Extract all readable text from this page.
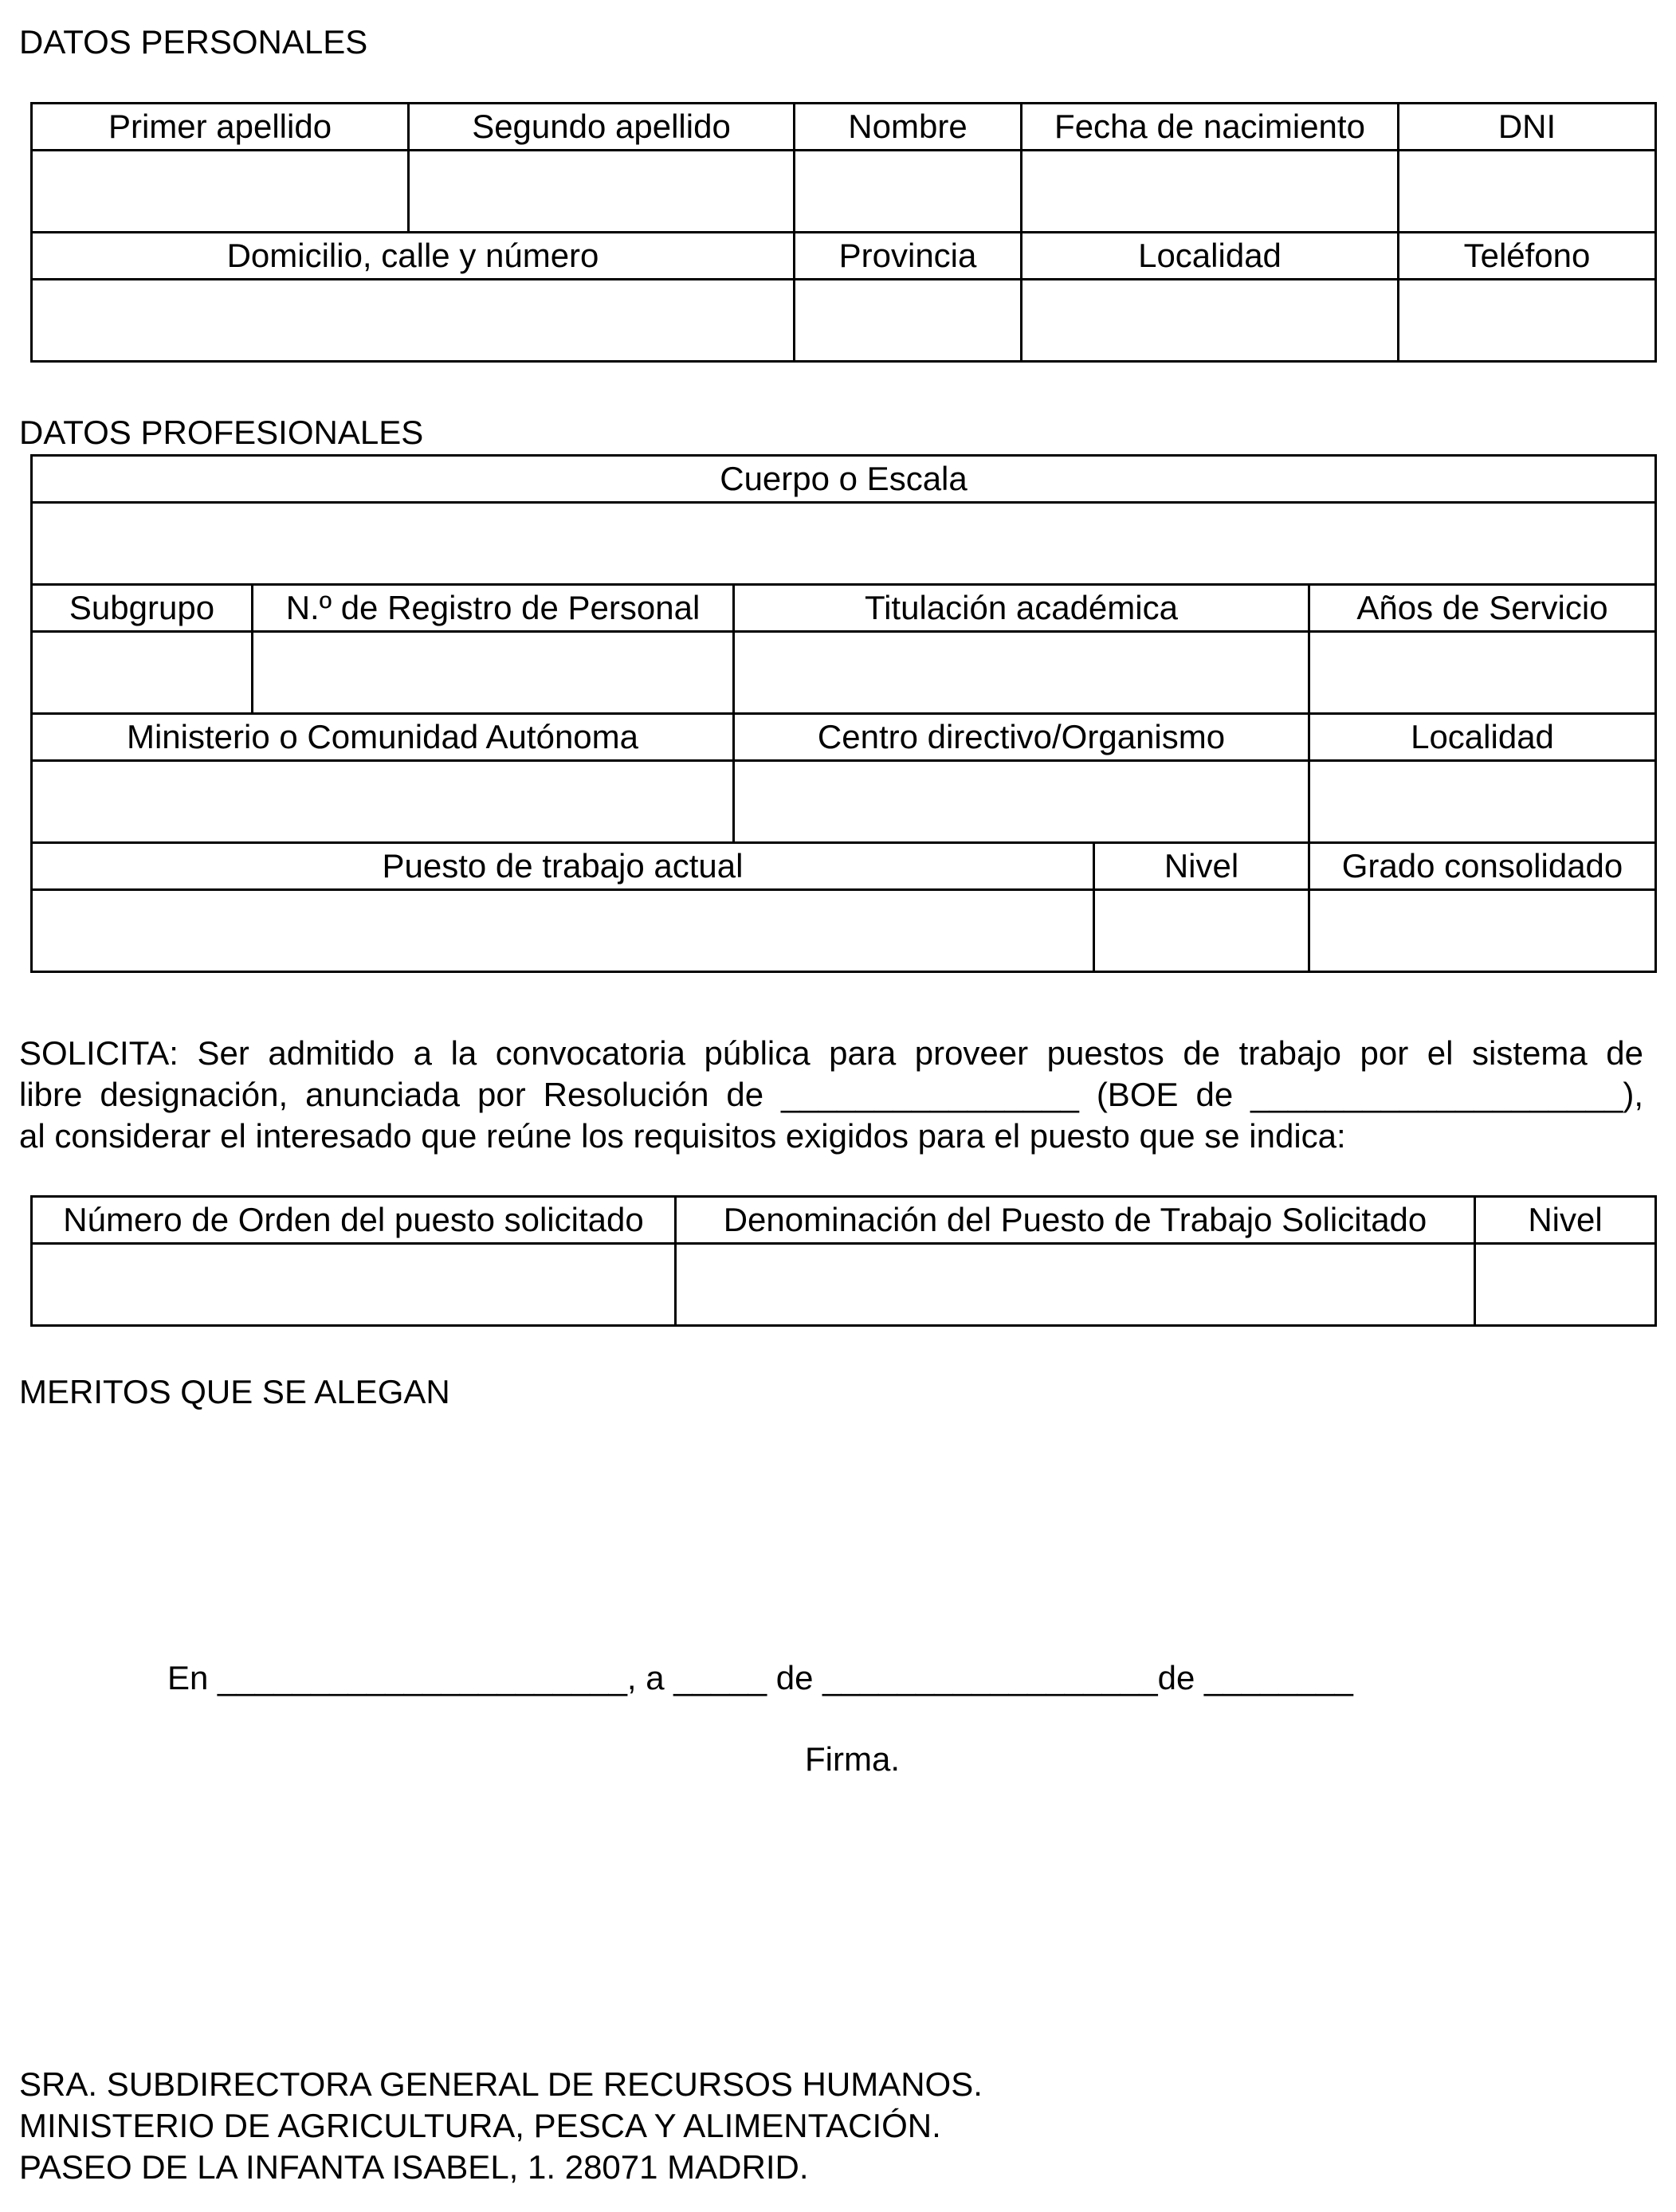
DATOS PERSONALES
Primer apellido	Segundo apellido	Nombre	Fecha de nacimiento	DNI

Domicilio, calle y número		Provincia	Localidad	Teléfono

DATOS PROFESIONALES
Cuerpo o Escala				

Subgrupo	N.º de Registro de Personal	Titulación académica		Años de Servicio

Ministerio o Comunidad Autónoma		Centro directivo/Organismo		Localidad

Puesto de trabajo actual			Nivel	Grado consolidado

SOLICITA: Ser admitido a la convocatoria pública para proveer puestos de trabajo por el sistema de
libre designación, anunciada por Resolución de ________________ (BOE de ____________________),
al considerar el interesado que reúne los requisitos exigidos para el puesto que se indica:
Número de Orden del puesto solicitado	Denominación del Puesto de Trabajo Solicitado	Nivel

MERITOS QUE SE ALEGAN
En ______________________, a _____ de __________________de ________
Firma.
SRA. SUBDIRECTORA GENERAL DE RECURSOS HUMANOS.
MINISTERIO DE AGRICULTURA, PESCA Y ALIMENTACIÓN.
PASEO DE LA INFANTA ISABEL, 1. 28071 MADRID.
